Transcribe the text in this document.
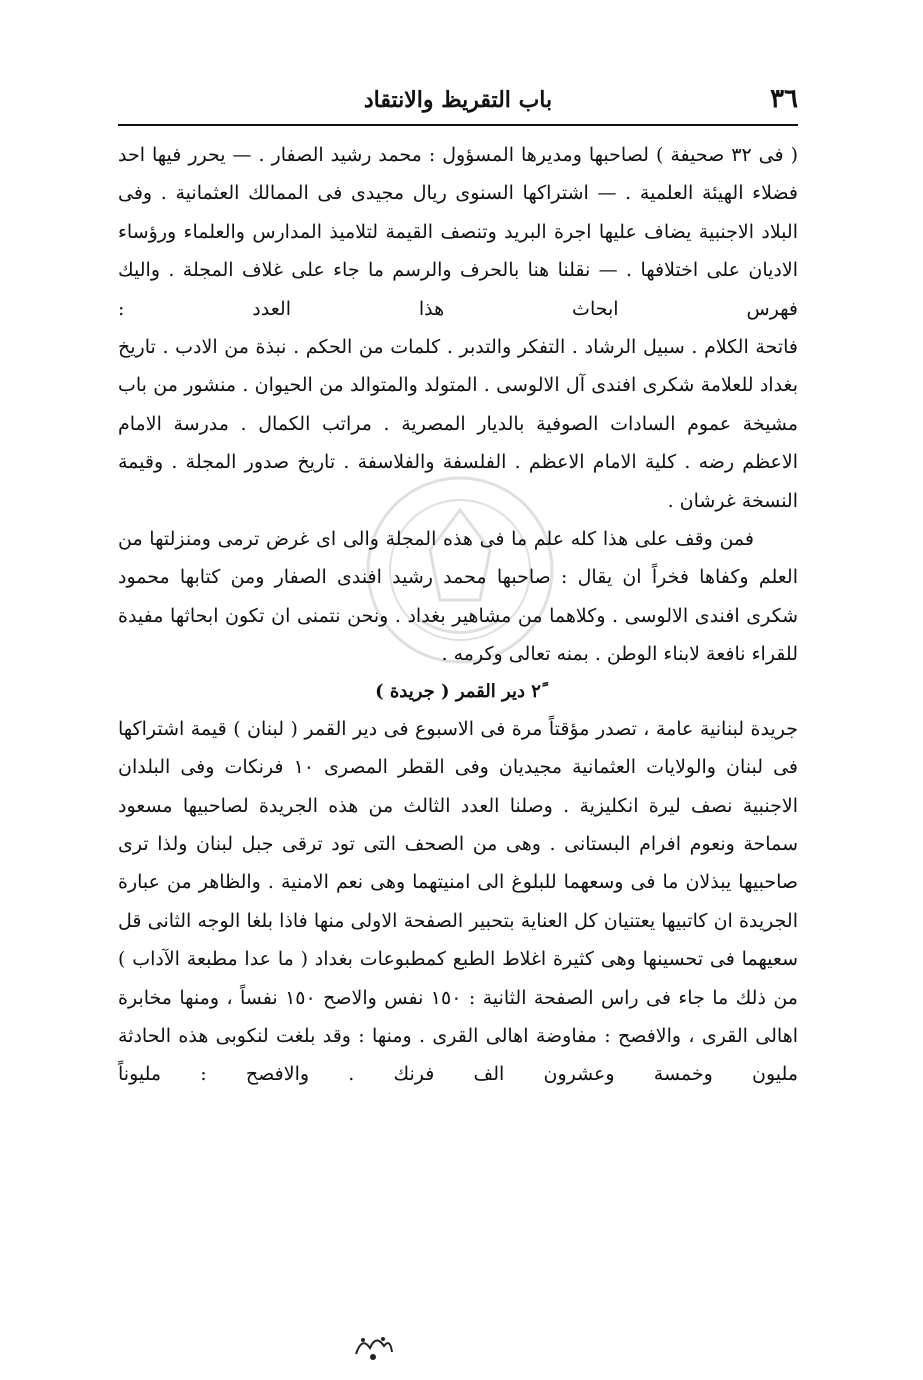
٣٦
باب التقريظ والانتقاد

( فى ٣٢ صحيفة ) لصاحبها ومديرها المسؤول : محمد رشيد الصفار . — يحرر فيها احد فضلاء الهيئة العلمية . — اشتراكها السنوى ريال مجيدى فى الممالك العثمانية . وفى البلاد الاجنبية يضاف عليها اجرة البريد وتنصف القيمة لتلاميذ المدارس والعلماء ورؤساء الاديان على اختلافها . — نقلنا هنا بالحرف والرسم ما جاء على غلاف المجلة . واليك فهرس ابحاث هذا العدد :

فاتحة الكلام . سبيل الرشاد . التفكر والتدبر . كلمات من الحكم . نبذة من الادب . تاريخ بغداد للعلامة شكرى افندى آل الالوسى . المتولد والمتوالد من الحيوان . منشور من باب مشيخة عموم السادات الصوفية بالديار المصرية . مراتب الكمال . مدرسة الامام الاعظم رضه . كلية الامام الاعظم . الفلسفة والفلاسفة . تاريخ صدور المجلة . وقيمة النسخة غرشان .

فمن وقف على هذا كله علم ما فى هذه المجلة والى اى غرض ترمى ومنزلتها من العلم وكفاها فخراً ان يقال : صاحبها محمد رشيد افندى الصفار ومن كتابها محمود شكرى افندى الالوسى . وكلاهما من مشاهير بغداد . ونحن نتمنى ان تكون ابحاثها مفيدة للقراء نافعة لابناء الوطن . بمنه تعالى وكرمه .

٢ً دير القمر ( جريدة )

جريدة لبنانية عامة ، تصدر مؤقتاً مرة فى الاسبوع فى دير القمر ( لبنان ) قيمة اشتراكها فى لبنان والولايات العثمانية مجيديان وفى القطر المصرى ١٠ فرنكات وفى البلدان الاجنبية نصف ليرة انكليزية . وصلنا العدد الثالث من هذه الجريدة لصاحبيها مسعود سماحة ونعوم افرام البستانى . وهى من الصحف التى تود ترقى جبل لبنان ولذا ترى صاحبيها يبذلان ما فى وسعهما للبلوغ الى امنيتهما وهى نعم الامنية . والظاهر من عبارة الجريدة ان كاتبيها يعتنيان كل العناية بتحبير الصفحة الاولى منها فاذا بلغا الوجه الثانى قل سعيهما فى تحسينها وهى كثيرة اغلاط الطبع كمطبوعات بغداد ( ما عدا مطبعة الآداب ) من ذلك ما جاء فى راس الصفحة الثانية : ١٥٠ نفس والاصح ١٥٠ نفساً ، ومنها مخابرة اهالى القرى ، والافصح : مفاوضة اهالى القرى . ومنها : وقد بلغت لنكوبى هذه الحادثة مليون وخمسة وعشرون الف فرنك . والافصح : مليوناً
